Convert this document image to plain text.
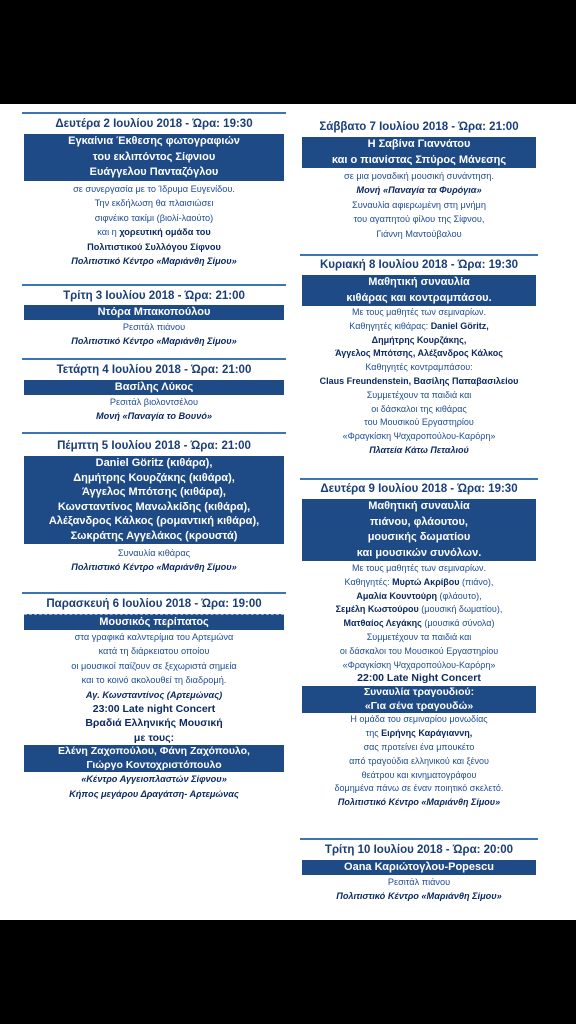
Δευτέρα 2 Ιουλίου 2018 - Ώρα: 19:30
Εγκαίνια Έκθεσης φωτογραφιών
του εκλιπόντος Σίφνιου
Ευάγγελου Πανταζόγλου
σε συνεργασία με το Ίδρυμα Ευγενίδου.
Την εκδήλωση θα πλαισιώσει
σιφνέικο τακίμι (βιολί-λαούτο)
και η χορευτική ομάδα του
Πολιτιστικού Συλλόγου Σίφνου
Πολιτιστικό Κέντρο «Μαριάνθη Σίμου»
Τρίτη 3 Ιουλίου 2018 - Ώρα: 21:00
Ντόρα Μπακοπούλου
Ρεσιτάλ πιάνου
Πολιτιστικό Κέντρο «Μαριάνθη Σίμου»
Τετάρτη 4 Ιουλίου 2018 - Ώρα: 21:00
Βασίλης Λύκος
Ρεσιτάλ βιολοντσέλου
Μονή «Παναγία το Βουνό»
Πέμπτη 5 Ιουλίου 2018 - Ώρα: 21:00
Daniel Göritz (κιθάρα),
Δημήτρης Κουρζάκης (κιθάρα),
Άγγελος Μπότσης (κιθάρα),
Κωνσταντίνος Μανωλκίδης (κιθάρα),
Αλέξανδρος Κάλκος (ρομαντική κιθάρα),
Σωκράτης Αγγελάκος (κρουστά)
Συναυλία κιθάρας
Πολιτιστικό Κέντρο «Μαριάνθη Σίμου»
Παρασκευή 6 Ιουλίου 2018 - Ώρα: 19:00
Μουσικός περίπατος
στα γραφικά καλντερίμια του Αρτεμώνα
κατά τη διάρκειατου οποίου
οι μουσικοί παίζουν σε ξεχωριστά σημεία
και το κοινό ακολουθεί τη διαδρομή.
Αγ. Κωνσταντίνος (Αρτεμώνας)
23:00 Late night Concert
Βραδιά Ελληνικής Μουσική
με τους:
Ελένη Ζαχοπούλου, Φάνη Ζαχόπουλο,
Γιώργο Κοντοχριστόπουλο
«Κέντρο Αγγειοπλαστών Σίφνου»
Κήπος μεγάρου Δραγάτση- Αρτεμώνας
Σάββατο 7 Ιουλίου 2018 - Ώρα: 21:00
Η Σαβίνα Γιαννάτου
και ο πιανίστας Σπύρος Μάνεσης
σε μια μοναδική μουσική συνάντηση.
Μονή «Παναγία τα Φυρόγια»
Συναυλία αφιερωμένη στη μνήμη
του αγαπητού φίλου της Σίφνου,
Γιάννη Μαντούβαλου
Κυριακή 8 Ιουλίου 2018 - Ώρα: 19:30
Μαθητική συναυλία
κιθάρας και κοντραμπάσου.
Με τους μαθητές των σεμιναρίων.
Καθηγητές κιθάρας: Daniel Göritz,
Δημήτρης Κουρζάκης,
Άγγελος Μπότσης, Αλέξανδρος Κάλκος
Καθηγητές κοντραμπάσου:
Claus Freundenstein, Βασίλης Παπαβασιλείου
Συμμετέχουν τα παιδιά και
οι δάσκαλοι της κιθάρας
του Μουσικού Εργαστηρίου
«Φραγκίσκη Ψαχαροπούλου-Καρόρη»
Πλατεία Κάτω Πεταλιού
Δευτέρα 9 Ιουλίου 2018 - Ώρα: 19:30
Μαθητική συναυλία
πιάνου, φλάουτου,
μουσικής δωματίου
και μουσικών συνόλων.
Με τους μαθητές των σεμιναρίων.
Καθηγητές: Μυρτώ Ακρίβου (πιάνο),
Αμαλία Κουντούρη (φλάουτο),
Σεμέλη Κωστούρου (μουσική δωματίου),
Ματθαίος Λεγάκης (μουσικά σύνολα)
Συμμετέχουν τα παιδιά και
οι δάσκαλοι του Μουσικού Εργαστηρίου
«Φραγκίσκη Ψαχαροπούλου-Καρόρη»
22:00 Late Night Concert
Συναυλία τραγουδιού:
«Για σένα τραγουδώ»
Η ομάδα του σεμιναρίου μονωδίας
της Ειρήνης Καράγιαννη,
σας προτείνει ένα μπουκέτο
από τραγούδια ελληνικού και ξένου
θεάτρου και κινηματογράφου
δομημένα πάνω σε έναν ποιητικό σκελετό.
Πολιτιστικό Κέντρο «Μαριάνθη Σίμου»
Τρίτη 10 Ιουλίου 2018 - Ώρα: 20:00
Oana Καριώτογλου-Popescu
Ρεσιτάλ πιάνου
Πολιτιστικό Κέντρο «Μαριάνθη Σίμου»
